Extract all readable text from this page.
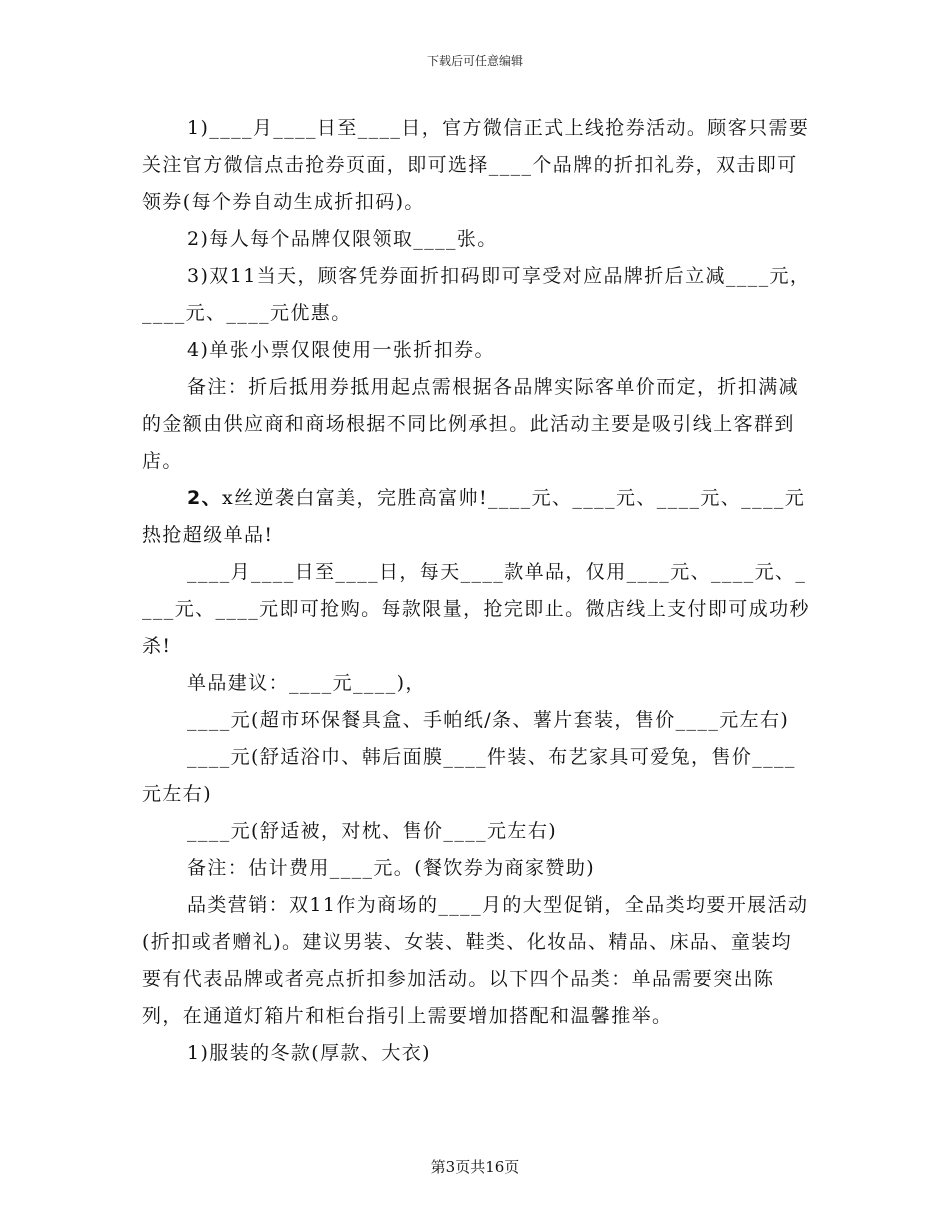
下载后可任意编辑

1)____月____日至____日，官方微信正式上线抢券活动。顾客只需要关注官方微信点击抢券页面，即可选择____个品牌的折扣礼券，双击即可领券(每个券自动生成折扣码)。

2)每人每个品牌仅限领取____张。

3)双11当天，顾客凭券面折扣码即可享受对应品牌折后立减____元，____元、____元优惠。

4)单张小票仅限使用一张折扣券。

备注：折后抵用券抵用起点需根据各品牌实际客单价而定，折扣满减的金额由供应商和商场根据不同比例承担。此活动主要是吸引线上客群到店。

2、x丝逆袭白富美，完胜高富帅!____元、____元、____元、____元热抢超级单品!

____月____日至____日，每天____款单品，仅用____元、____元、____元、____元即可抢购。每款限量，抢完即止。微店线上支付即可成功秒杀!

单品建议：____元____)，

____元(超市环保餐具盒、手帕纸/条、薯片套装，售价____元左右)

____元(舒适浴巾、韩后面膜____件装、布艺家具可爱兔，售价____元左右)

____元(舒适被，对枕、售价____元左右)

备注：估计费用____元。(餐饮券为商家赞助)

品类营销：双11作为商场的____月的大型促销，全品类均要开展活动(折扣或者赠礼)。建议男装、女装、鞋类、化妆品、精品、床品、童装均要有代表品牌或者亮点折扣参加活动。以下四个品类：单品需要突出陈列，在通道灯箱片和柜台指引上需要增加搭配和温馨推举。

1)服装的冬款(厚款、大衣)

第3页共16页
